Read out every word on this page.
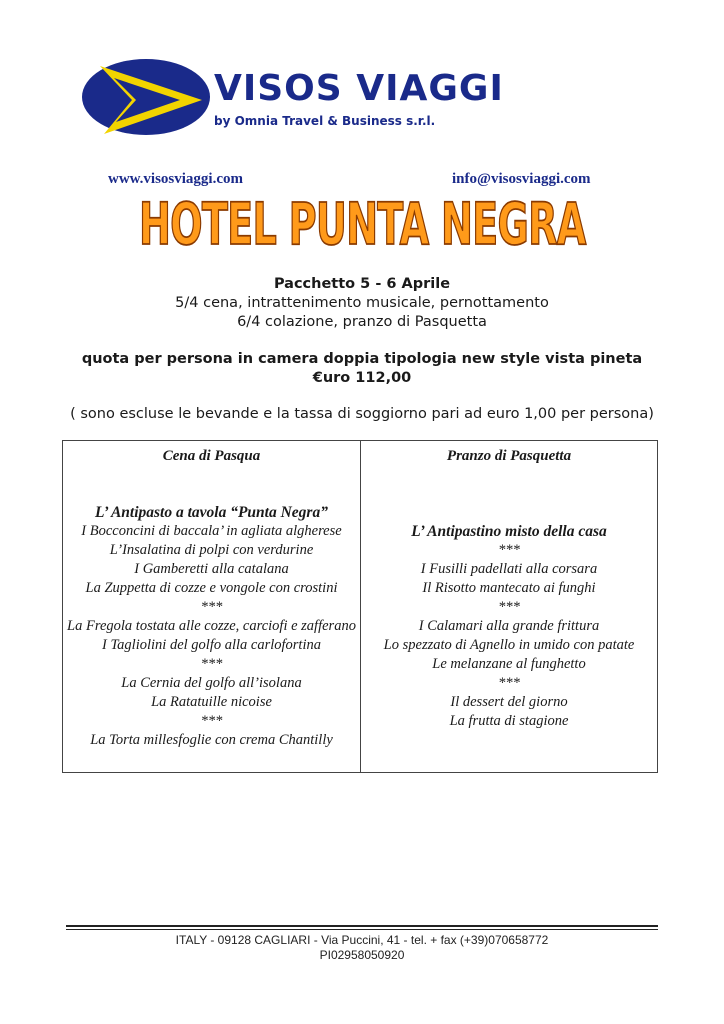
VISOS VIAGGI
by Omnia Travel & Business s.r.l.
www.visosviaggi.com	info@visosviaggi.com
HOTEL PUNTA NEGRA
Pacchetto 5 - 6 Aprile
5/4 cena, intrattenimento musicale, pernottamento
6/4 colazione, pranzo di Pasquetta
quota per persona in camera doppia tipologia new style vista pineta
€uro 112,00
( sono escluse le bevande e la tassa di soggiorno pari ad euro 1,00 per persona)
Cena di Pasqua
L’ Antipasto a tavola “Punta Negra”
I Bocconcini di baccala’ in agliata algherese
L’Insalatina di polpi con verdurine
I Gamberetti alla catalana
La Zuppetta di cozze e vongole con crostini
***
La Fregola tostata alle cozze, carciofi e zafferano
I Tagliolini del golfo alla carlofortina
***
La Cernia del golfo all’isolana
La Ratatuille nicoise
***
La Torta millesfoglie con crema Chantilly
Pranzo di Pasquetta
L’ Antipastino misto della casa
***
I Fusilli padellati alla corsara
Il Risotto mantecato ai funghi
***
I Calamari alla grande frittura
Lo spezzato di Agnello in umido con patate
Le melanzane al funghetto
***
Il dessert del giorno
La frutta di stagione
ITALY - 09128 CAGLIARI - Via Puccini, 41 - tel. + fax (+39)070658772
PI02958050920
